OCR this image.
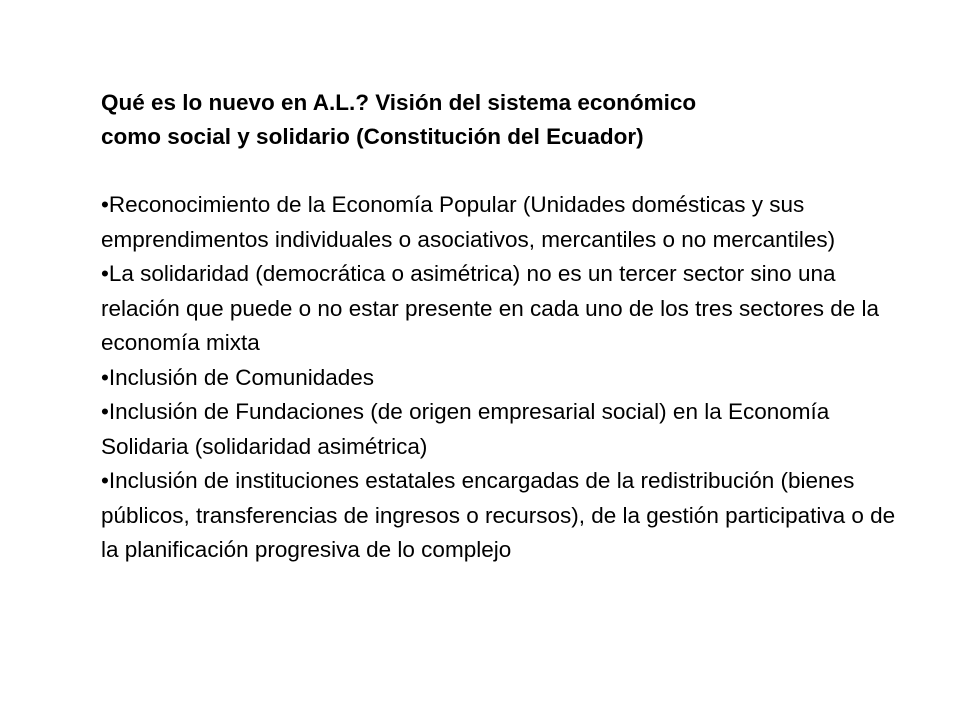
Qué es lo nuevo en A.L.? Visión del sistema económico
como social y solidario (Constitución del Ecuador)

•Reconocimiento de la Economía Popular (Unidades domésticas y sus emprendimentos individuales o asociativos, mercantiles o no mercantiles)
•La solidaridad (democrática o asimétrica) no es un tercer sector sino una relación que puede o no estar presente en cada uno de los tres sectores de la economía mixta
•Inclusión de Comunidades
•Inclusión de Fundaciones (de origen empresarial social) en la Economía Solidaria (solidaridad asimétrica)
•Inclusión de instituciones estatales encargadas de la redistribución (bienes públicos, transferencias de ingresos o recursos), de la gestión participativa o de la planificación progresiva de lo complejo
